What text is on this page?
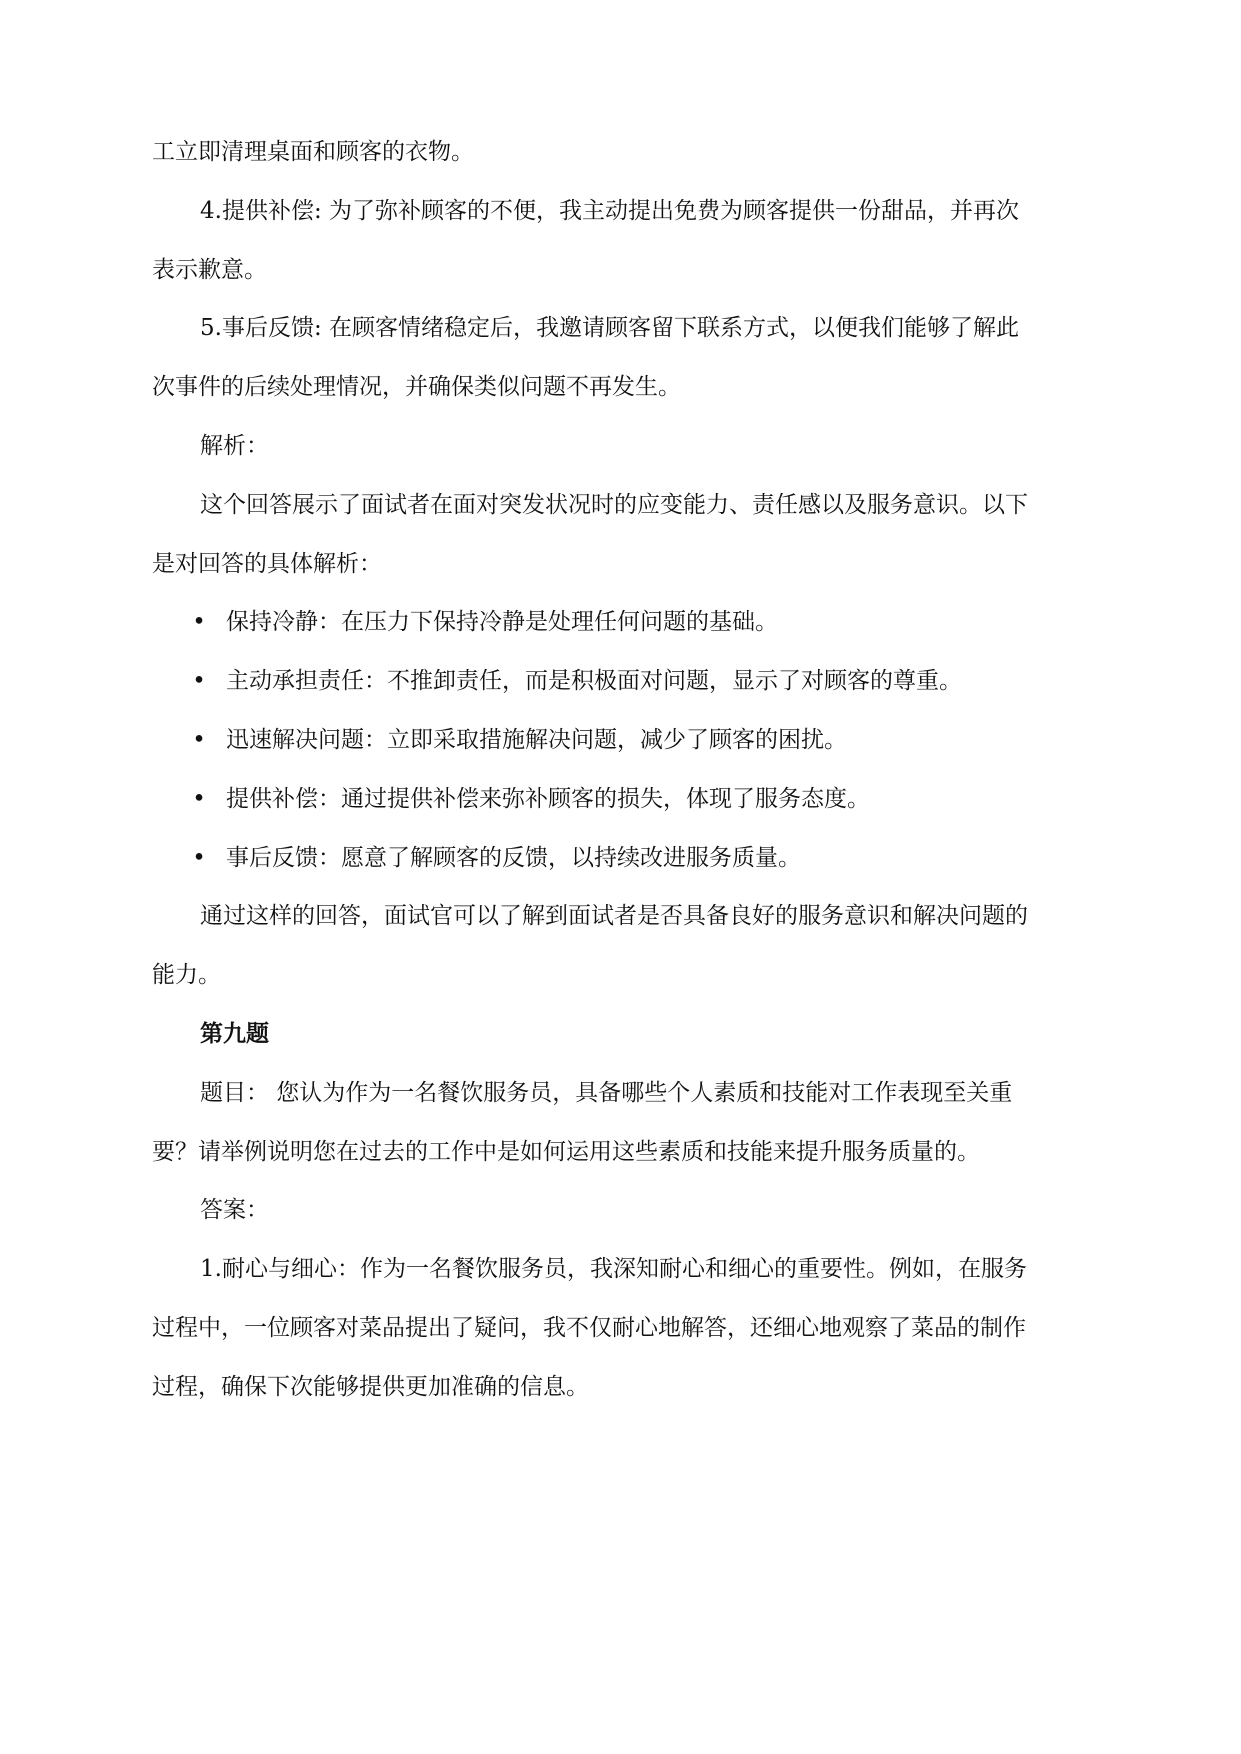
工立即清理桌面和顾客的衣物。
4.提供补偿: 为了弥补顾客的不便，我主动提出免费为顾客提供一份甜品，并再次
表示歉意。
5.事后反馈: 在顾客情绪稳定后，我邀请顾客留下联系方式，以便我们能够了解此
次事件的后续处理情况，并确保类似问题不再发生。
解析：
这个回答展示了面试者在面对突发状况时的应变能力、责任感以及服务意识。以下
是对回答的具体解析：
• 保持冷静：在压力下保持冷静是处理任何问题的基础。
• 主动承担责任：不推卸责任，而是积极面对问题，显示了对顾客的尊重。
• 迅速解决问题：立即采取措施解决问题，减少了顾客的困扰。
• 提供补偿：通过提供补偿来弥补顾客的损失，体现了服务态度。
• 事后反馈：愿意了解顾客的反馈，以持续改进服务质量。
通过这样的回答，面试官可以了解到面试者是否具备良好的服务意识和解决问题的
能力。
第九题
题目： 您认为作为一名餐饮服务员，具备哪些个人素质和技能对工作表现至关重
要？请举例说明您在过去的工作中是如何运用这些素质和技能来提升服务质量的。
答案：
1.耐心与细心：作为一名餐饮服务员，我深知耐心和细心的重要性。例如，在服务
过程中，一位顾客对菜品提出了疑问，我不仅耐心地解答，还细心地观察了菜品的制作
过程，确保下次能够提供更加准确的信息。
